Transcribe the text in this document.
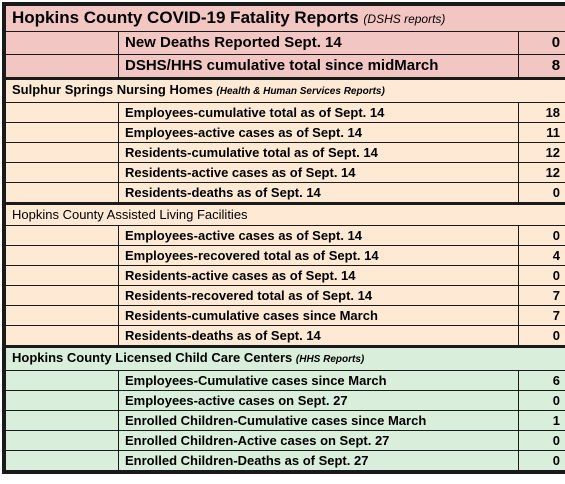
Hopkins County COVID-19 Fatality Reports (DSHS reports)		
	New Deaths Reported Sept. 14	0
	DSHS/HHS cumulative total since midMarch	8
Sulphur Springs Nursing Homes (Health & Human Services Reports)		
	Employees-cumulative total as of Sept. 14	18
	Employees-active cases as of Sept. 14	11
	Residents-cumulative total as of Sept. 14	12
	Residents-active cases as of Sept. 14	12
	Residents-deaths as of Sept. 14	0
Hopkins County Assisted Living Facilities		
	Employees-active cases as of Sept. 14	0
	Employees-recovered total as of Sept. 14	4
	Residents-active cases as of Sept. 14	0
	Residents-recovered total as of Sept. 14	7
	Residents-cumulative cases since March	7
	Residents-deaths as of Sept. 14	0
Hopkins County Licensed Child Care Centers (HHS Reports)		
	Employees-Cumulative cases since March	6
	Employees-active cases on Sept. 27	0
	Enrolled Children-Cumulative cases since March	1
	Enrolled Children-Active cases on Sept. 27	0
	Enrolled Children-Deaths as of Sept. 27	0
